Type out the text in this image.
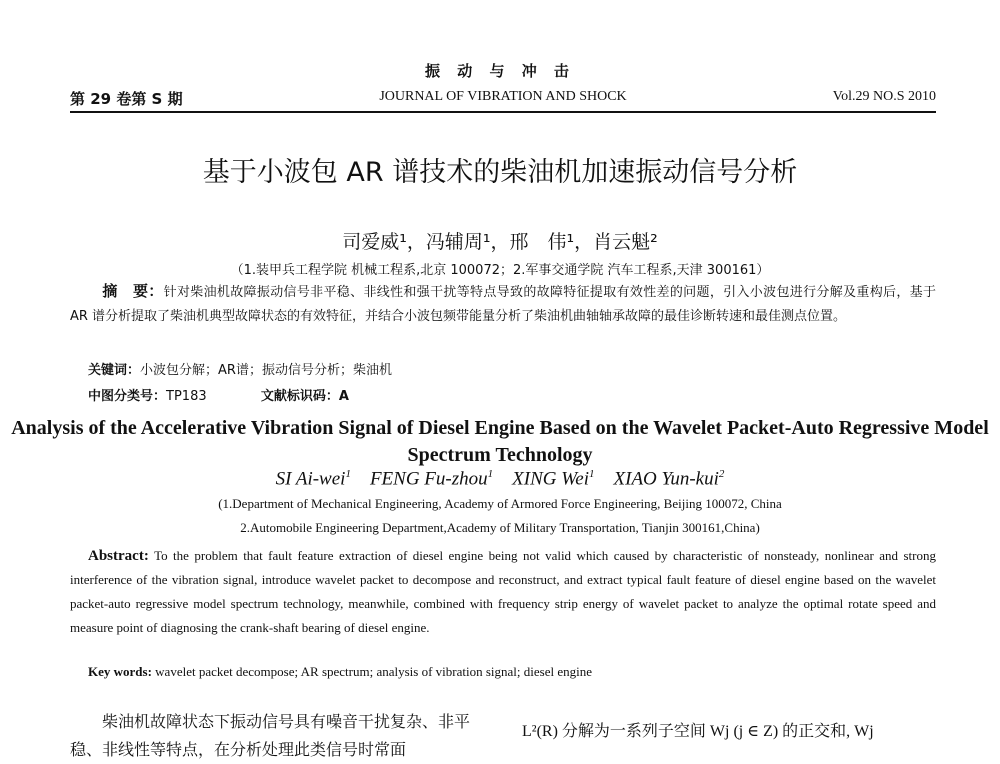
振 动 与 冲 击
第 29 卷第 S 期	JOURNAL OF VIBRATION AND SHOCK	Vol.29 NO.S 2010
基于小波包 AR 谱技术的柴油机加速振动信号分析
司爱威¹，冯辅周¹，邢　伟¹，肖云魁²
（1.装甲兵工程学院 机械工程系,北京 100072；2.军事交通学院 汽车工程系,天津 300161）
摘　要：针对柴油机故障振动信号非平稳、非线性和强干扰等特点导致的故障特征提取有效性差的问题，引入小波包进行分解及重构后，基于 AR 谱分析提取了柴油机典型故障状态的有效特征，并结合小波包频带能量分析了柴油机曲轴轴承故障的最佳诊断转速和最佳测点位置。
关键词：小波包分解；AR谱；振动信号分析；柴油机
中图分类号：TP183	文献标识码：A
Analysis of the Accelerative Vibration Signal of Diesel Engine Based on the Wavelet Packet-Auto Regressive Model Spectrum Technology
SI Ai-wei$^1$ FENG Fu-zhou$^1$ XING Wei$^1$ XIAO Yun-kui$^2$
(1.Department of Mechanical Engineering, Academy of Armored Force Engineering, Beijing 100072, China
2.Automobile Engineering Department,Academy of Military Transportation, Tianjin 300161,China)
Abstract: To the problem that fault feature extraction of diesel engine being not valid which caused by characteristic of nonsteady, nonlinear and strong interference of the vibration signal, introduce wavelet packet to decompose and reconstruct, and extract typical fault feature of diesel engine based on the wavelet packet-auto regressive model spectrum technology, meanwhile, combined with frequency strip energy of wavelet packet to analyze the optimal rotate speed and measure point of diagnosing the crank-shaft bearing of diesel engine.
Key words: wavelet packet decompose; AR spectrum; analysis of vibration signal; diesel engine
柴油机故障状态下振动信号具有噪音干扰复杂、非平稳、非线性等特点，在分析处理此类信号时常面
L²(R) 分解为一系列子空间 Wj (j ∈ Z) 的正交和, Wj
